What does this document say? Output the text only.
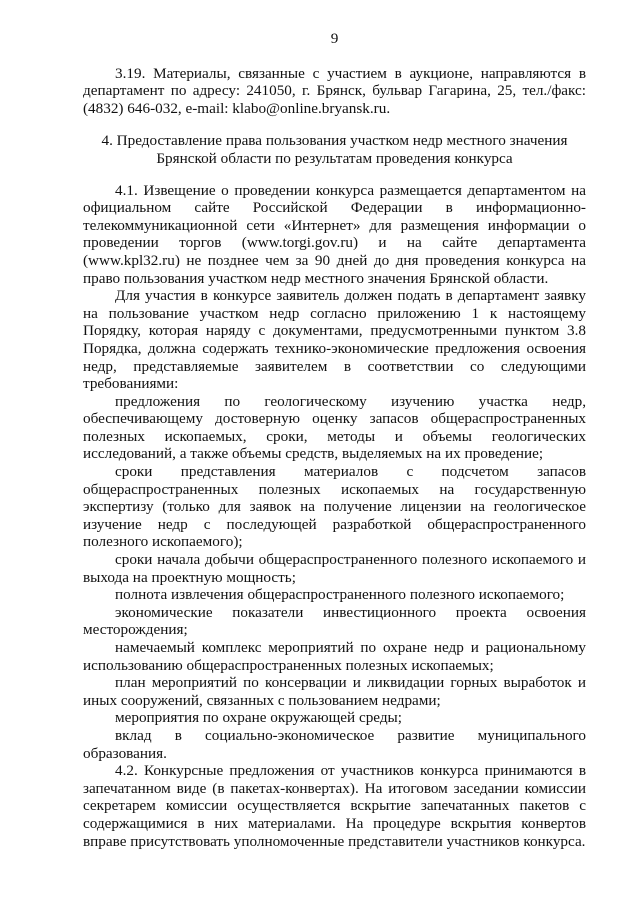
9

3.19. Материалы, связанные с участием в аукционе, направляются в департамент по адресу: 241050, г. Брянск, бульвар Гагарина, 25, тел./факс: (4832) 646-032, e-mail: klabo@online.bryansk.ru.

4. Предоставление права пользования участком недр местного значения
Брянской области по результатам проведения конкурса

4.1. Извещение о проведении конкурса размещается департаментом на официальном сайте Российской Федерации в информационно-телекоммуникационной сети «Интернет» для размещения информации о проведении торгов (www.torgi.gov.ru) и на сайте департамента (www.kpl32.ru) не позднее чем за 90 дней до дня проведения конкурса на право пользования участком недр местного значения Брянской области.

Для участия в конкурсе заявитель должен подать в департамент заявку на пользование участком недр согласно приложению 1 к настоящему Порядку, которая наряду с документами, предусмотренными пунктом 3.8 Порядка, должна содержать технико-экономические предложения освоения недр, представляемые заявителем в соответствии со следующими требованиями:

предложения по геологическому изучению участка недр, обеспечивающему достоверную оценку запасов общераспространенных полезных ископаемых, сроки, методы и объемы геологических исследований, а также объемы средств, выделяемых на их проведение;

сроки представления материалов с подсчетом запасов общераспространенных полезных ископаемых на государственную экспертизу (только для заявок на получение лицензии на геологическое изучение недр с последующей разработкой общераспространенного полезного ископаемого);

сроки начала добычи общераспространенного полезного ископаемого и выхода на проектную мощность;

полнота извлечения общераспространенного полезного ископаемого;

экономические показатели инвестиционного проекта освоения месторождения;

намечаемый комплекс мероприятий по охране недр и рациональному использованию общераспространенных полезных ископаемых;

план мероприятий по консервации и ликвидации горных выработок и иных сооружений, связанных с пользованием недрами;

мероприятия по охране окружающей среды;

вклад в социально-экономическое развитие муниципального образования.

4.2. Конкурсные предложения от участников конкурса принимаются в запечатанном виде (в пакетах-конвертах). На итоговом заседании комиссии секретарем комиссии осуществляется вскрытие запечатанных пакетов с содержащимися в них материалами. На процедуре вскрытия конвертов вправе присутствовать уполномоченные представители участников конкурса.
